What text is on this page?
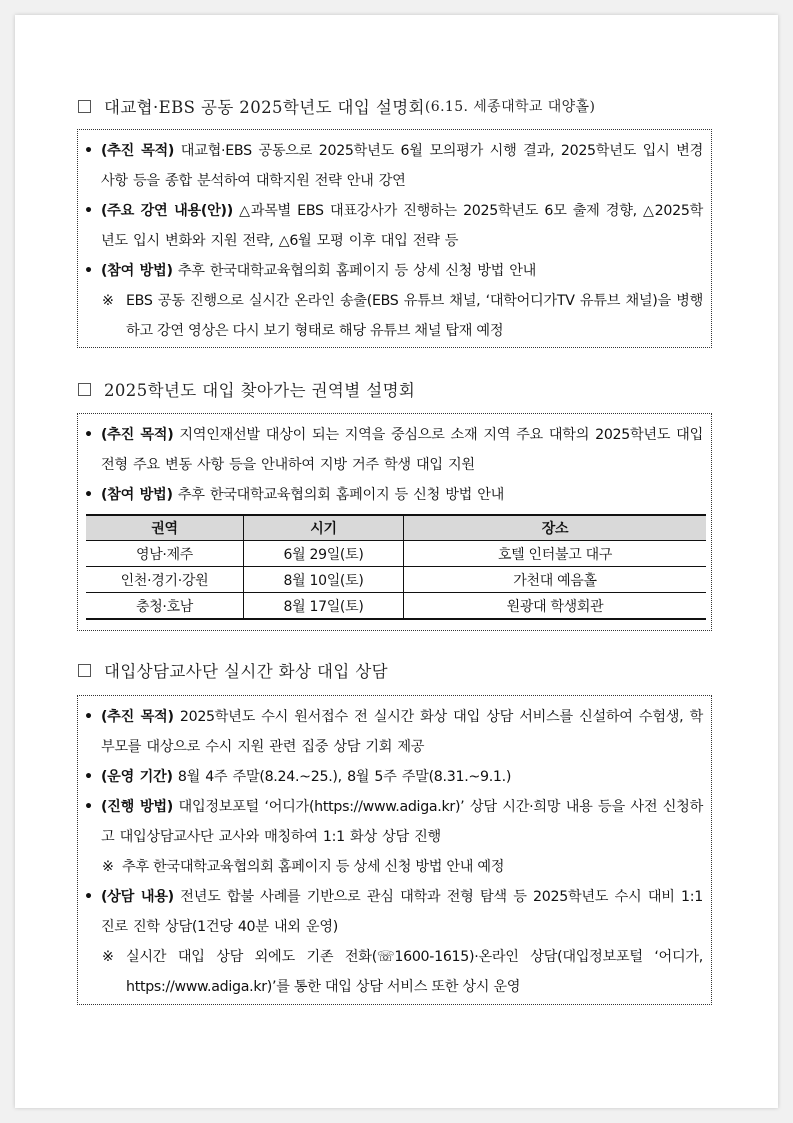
대교협·EBS 공동 2025학년도 대입 설명회 (6.15. 세종대학교 대양홀)
• (추진 목적) 대교협·EBS 공동으로 2025학년도 6월 모의평가 시행 결과, 2025학년도 입시 변경 사항 등을 종합 분석하여 대학지원 전략 안내 강연
• (주요 강연 내용(안)) △과목별 EBS 대표강사가 진행하는 2025학년도 6모 출제 경향, △2025학년도 입시 변화와 지원 전략, △6월 모평 이후 대입 전략 등
• (참여 방법) 추후 한국대학교육협의회 홈페이지 등 상세 신청 방법 안내
※ EBS 공동 진행으로 실시간 온라인 송출(EBS 유튜브 채널, ‘대학어디가TV 유튜브 채널)을 병행하고 강연 영상은 다시 보기 형태로 해당 유튜브 채널 탑재 예정
2025학년도 대입 찾아가는 권역별 설명회
• (추진 목적) 지역인재선발 대상이 되는 지역을 중심으로 소재 지역 주요 대학의 2025학년도 대입전형 주요 변동 사항 등을 안내하여 지방 거주 학생 대입 지원
• (참여 방법) 추후 한국대학교육협의회 홈페이지 등 신청 방법 안내
권역	시기	장소
영남·제주	6월 29일(토)	호텔 인터불고 대구
인천·경기·강원	8월 10일(토)	가천대 예음홀
충청·호남	8월 17일(토)	원광대 학생회관
대입상담교사단 실시간 화상 대입 상담
• (추진 목적) 2025학년도 수시 원서접수 전 실시간 화상 대입 상담 서비스를 신설하여 수험생, 학부모를 대상으로 수시 지원 관련 집중 상담 기회 제공
• (운영 기간) 8월 4주 주말(8.24.~25.), 8월 5주 주말(8.31.~9.1.)
• (진행 방법) 대입정보포털 ‘어디가(https://www.adiga.kr)’ 상담 시간·희망 내용 등을 사전 신청하고 대입상담교사단 교사와 매칭하여 1:1 화상 상담 진행
※ 추후 한국대학교육협의회 홈페이지 등 상세 신청 방법 안내 예정
• (상담 내용) 전년도 합불 사례를 기반으로 관심 대학과 전형 탐색 등 2025학년도 수시 대비 1:1 진로 진학 상담(1건당 40분 내외 운영)
※ 실시간 대입 상담 외에도 기존 전화(☏1600-1615)·온라인 상담(대입정보포털 ‘어디가, https://www.adiga.kr)’를 통한 대입 상담 서비스 또한 상시 운영
